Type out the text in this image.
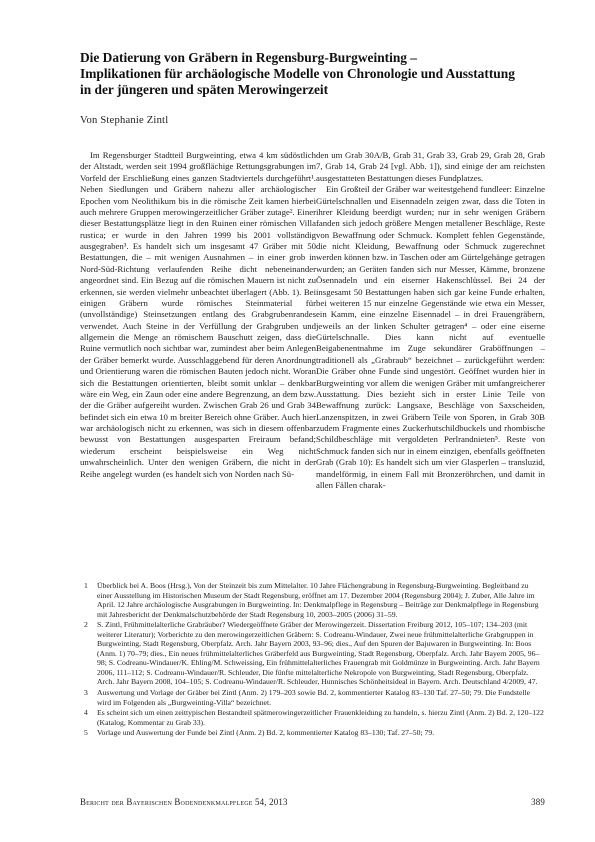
Die Datierung von Gräbern in Regensburg-Burgweinting –
Implikationen für archäologische Modelle von Chronologie und Ausstattung
in der jüngeren und späten Merowingerzeit
Von Stephanie Zintl

Im Regensburger Stadtteil Burgweinting, etwa 4 km südöstlich der Altstadt, werden seit 1994 großflächige Rettungsgrabungen im Vorfeld der Erschließung eines ganzen Stadtviertels durchgeführt¹. Neben Siedlungen und Gräbern nahezu aller archäologischer Epochen vom Neolithikum bis in die römische Zeit kamen hierbei auch mehrere Gruppen merowingerzeitlicher Gräber zutage². Einer dieser Bestattungsplätze liegt in den Ruinen einer römischen Villa rustica; er wurde in den Jahren 1999 bis 2001 vollständig ausgegraben³. Es handelt sich um insgesamt 47 Gräber mit 50 Bestattungen, die – mit wenigen Ausnahmen – in einer grob in Nord-Süd-Richtung verlaufenden Reihe dicht nebeneinander angeordnet sind. Ein Bezug auf die römischen Mauern ist nicht zu erkennen, sie werden vielmehr unbeachtet überlagert (Abb. 1). Bei einigen Gräbern wurde römisches Steinmaterial für (unvollständige) Steinsetzungen entlang des Grabgrubenrandes verwendet. Auch Steine in der Verfüllung der Grabgruben und allgemein die Menge an römischem Bauschutt zeigen, dass die Ruine vermutlich noch sichtbar war, zumindest aber beim Anlegen der Gräber bemerkt wurde. Ausschlaggebend für deren Anordnung und Orientierung waren die römischen Bauten jedoch nicht. Woran sich die Bestattungen orientierten, bleibt somit unklar – denkbar wäre ein Weg, ein Zaun oder eine andere Begrenzung, an dem bzw. der die Gräber aufgereiht wurden. Zwischen Grab 26 und Grab 34 befindet sich ein etwa 10 m breiter Bereich ohne Gräber. Auch hier war archäologisch nicht zu erkennen, was sich in diesem offenbar bewusst von Bestattungen ausgesparten Freiraum befand; wiederum erscheint beispielsweise ein Weg nicht unwahrscheinlich. Unter den wenigen Gräbern, die nicht in der Reihe angelegt wurden (es handelt sich von Norden nach Sü-

den um Grab 30A/B, Grab 31, Grab 33, Grab 29, Grab 28, Grab 7, Grab 14, Grab 24 [vgl. Abb. 1]), sind einige der am reichsten ausgestatteten Bestattungen dieses Fundplatzes.

Ein Großteil der Gräber war weitestgehend fundleer: Einzelne Gürtelschnallen und Eisennadeln zeigen zwar, dass die Toten in ihrer Kleidung beerdigt wurden; nur in sehr wenigen Gräbern fanden sich jedoch größere Mengen metallener Beschläge, Reste von Bewaffnung oder Schmuck. Komplett fehlen Gegenstände, die nicht Kleidung, Bewaffnung oder Schmuck zugerechnet werden können bzw. in Taschen oder am Gürtelgehänge getragen wurden; an Geräten fanden sich nur Messer, Kämme, bronzene Ösennadeln und ein eiserner Hakenschlüssel. Bei 24 der insgesamt 50 Bestattungen haben sich gar keine Funde erhalten, bei weiteren 15 nur einzelne Gegenstände wie etwa ein Messer, ein Kamm, eine einzelne Eisennadel – in drei Frauengräbern, jeweils an der linken Schulter getragen⁴ – oder eine eiserne Gürtelschnalle. Dies kann nicht auf eventuelle Beigabenentnahme im Zuge sekundärer Graböffnungen – traditionell als „Grabraub“ bezeichnet – zurückgeführt werden: Die Gräber ohne Funde sind ungestört. Geöffnet wurden hier in Burgweinting vor allem die wenigen Gräber mit umfangreicherer Ausstattung. Dies bezieht sich in erster Linie Teile von Bewaffnung zurück: Langsaxe, Beschläge von Saxscheiden, Lanzenspitzen, in zwei Gräbern Teile von Sporen, in Grab 30B zudem Fragmente eines Zuckerhutschildbuckels und rhombische Schildbeschläge mit vergoldeten Perlrandnieten⁵. Reste von Schmuck fanden sich nur in einem einzigen, ebenfalls geöffneten Grab (Grab 10): Es handelt sich um vier Glasperlen – transluzid, mandelförmig, in einem Fall mit Bronzeröhrchen, und damit in allen Fällen charak-

1 Überblick bei A. Boos (Hrsg.), Von der Steinzeit bis zum Mittelalter. 10 Jahre Flächengrabung in Regensburg-Burgweinting. Begleitband zu einer Ausstellung im Historischen Museum der Stadt Regensburg, eröffnet am 17. Dezember 2004 (Regensburg 2004); J. Zuber, Alle Jahre im April. 12 Jahre archäologische Ausgrabungen in Burgweinting. In: Denkmalpflege in Regensburg – Beiträge zur Denkmalpflege in Regensburg mit Jahresbericht der Denkmalschutzbehörde der Stadt Regensburg 10, 2003–2005 (2006) 31–59.
2 S. Zintl, Frühmittelalterliche Grabräuber? Wiedergeöffnete Gräber der Merowingerzeit. Dissertation Freiburg 2012, 105–107; 134–203 (mit weiterer Literatur); Vorberichte zu den merowingerzeitlichen Gräbern: S. Codreanu-Windauer, Zwei neue frühmittelalterliche Grabgruppen in Burgweinting, Stadt Regensburg, Oberpfalz. Arch. Jahr Bayern 2003, 93–96; dies., Auf den Spuren der Bajuwaren in Burgweinting. In: Boos (Anm. 1) 70–79; dies., Ein neues frühmittelalterliches Gräberfeld aus Burgweinting, Stadt Regensburg, Oberpfalz. Arch. Jahr Bayern 2005, 96–98; S. Codreanu-Windauer/K. Ehling/M. Schweissing, Ein frühmittelalterliches Frauengrab mit Goldmünze in Burgweinting. Arch. Jahr Bayern 2006, 111–112; S. Codreanu-Windauer/R. Schleuder, Die fünfte mittelalterliche Nekropole von Burgweinting, Stadt Regensburg, Oberpfalz. Arch. Jahr Bayern 2008, 104–105; S. Codreanu-Windauer/R. Schleuder, Hunnisches Schönheitsideal in Bayern. Arch. Deutschland 4/2009, 47.
3 Auswertung und Vorlage der Gräber bei Zintl (Anm. 2) 179–203 sowie Bd. 2, kommentierter Katalog 83–130 Taf. 27–50; 79. Die Fundstelle wird im Folgenden als „Burgweinting-Villa“ bezeichnet.
4 Es scheint sich um einen zeittypischen Bestandteil spätmerowingerzeitlicher Frauenkleidung zu handeln, s. hierzu Zintl (Anm. 2) Bd. 2, 120–122 (Katalog, Kommentar zu Grab 33).
5 Vorlage und Auswertung der Funde bei Zintl (Anm. 2) Bd. 2, kommentierter Katalog 83–130; Taf. 27–50; 79.
Bericht der Bayerischen Bodendenkmalpflege 54, 2013	389
